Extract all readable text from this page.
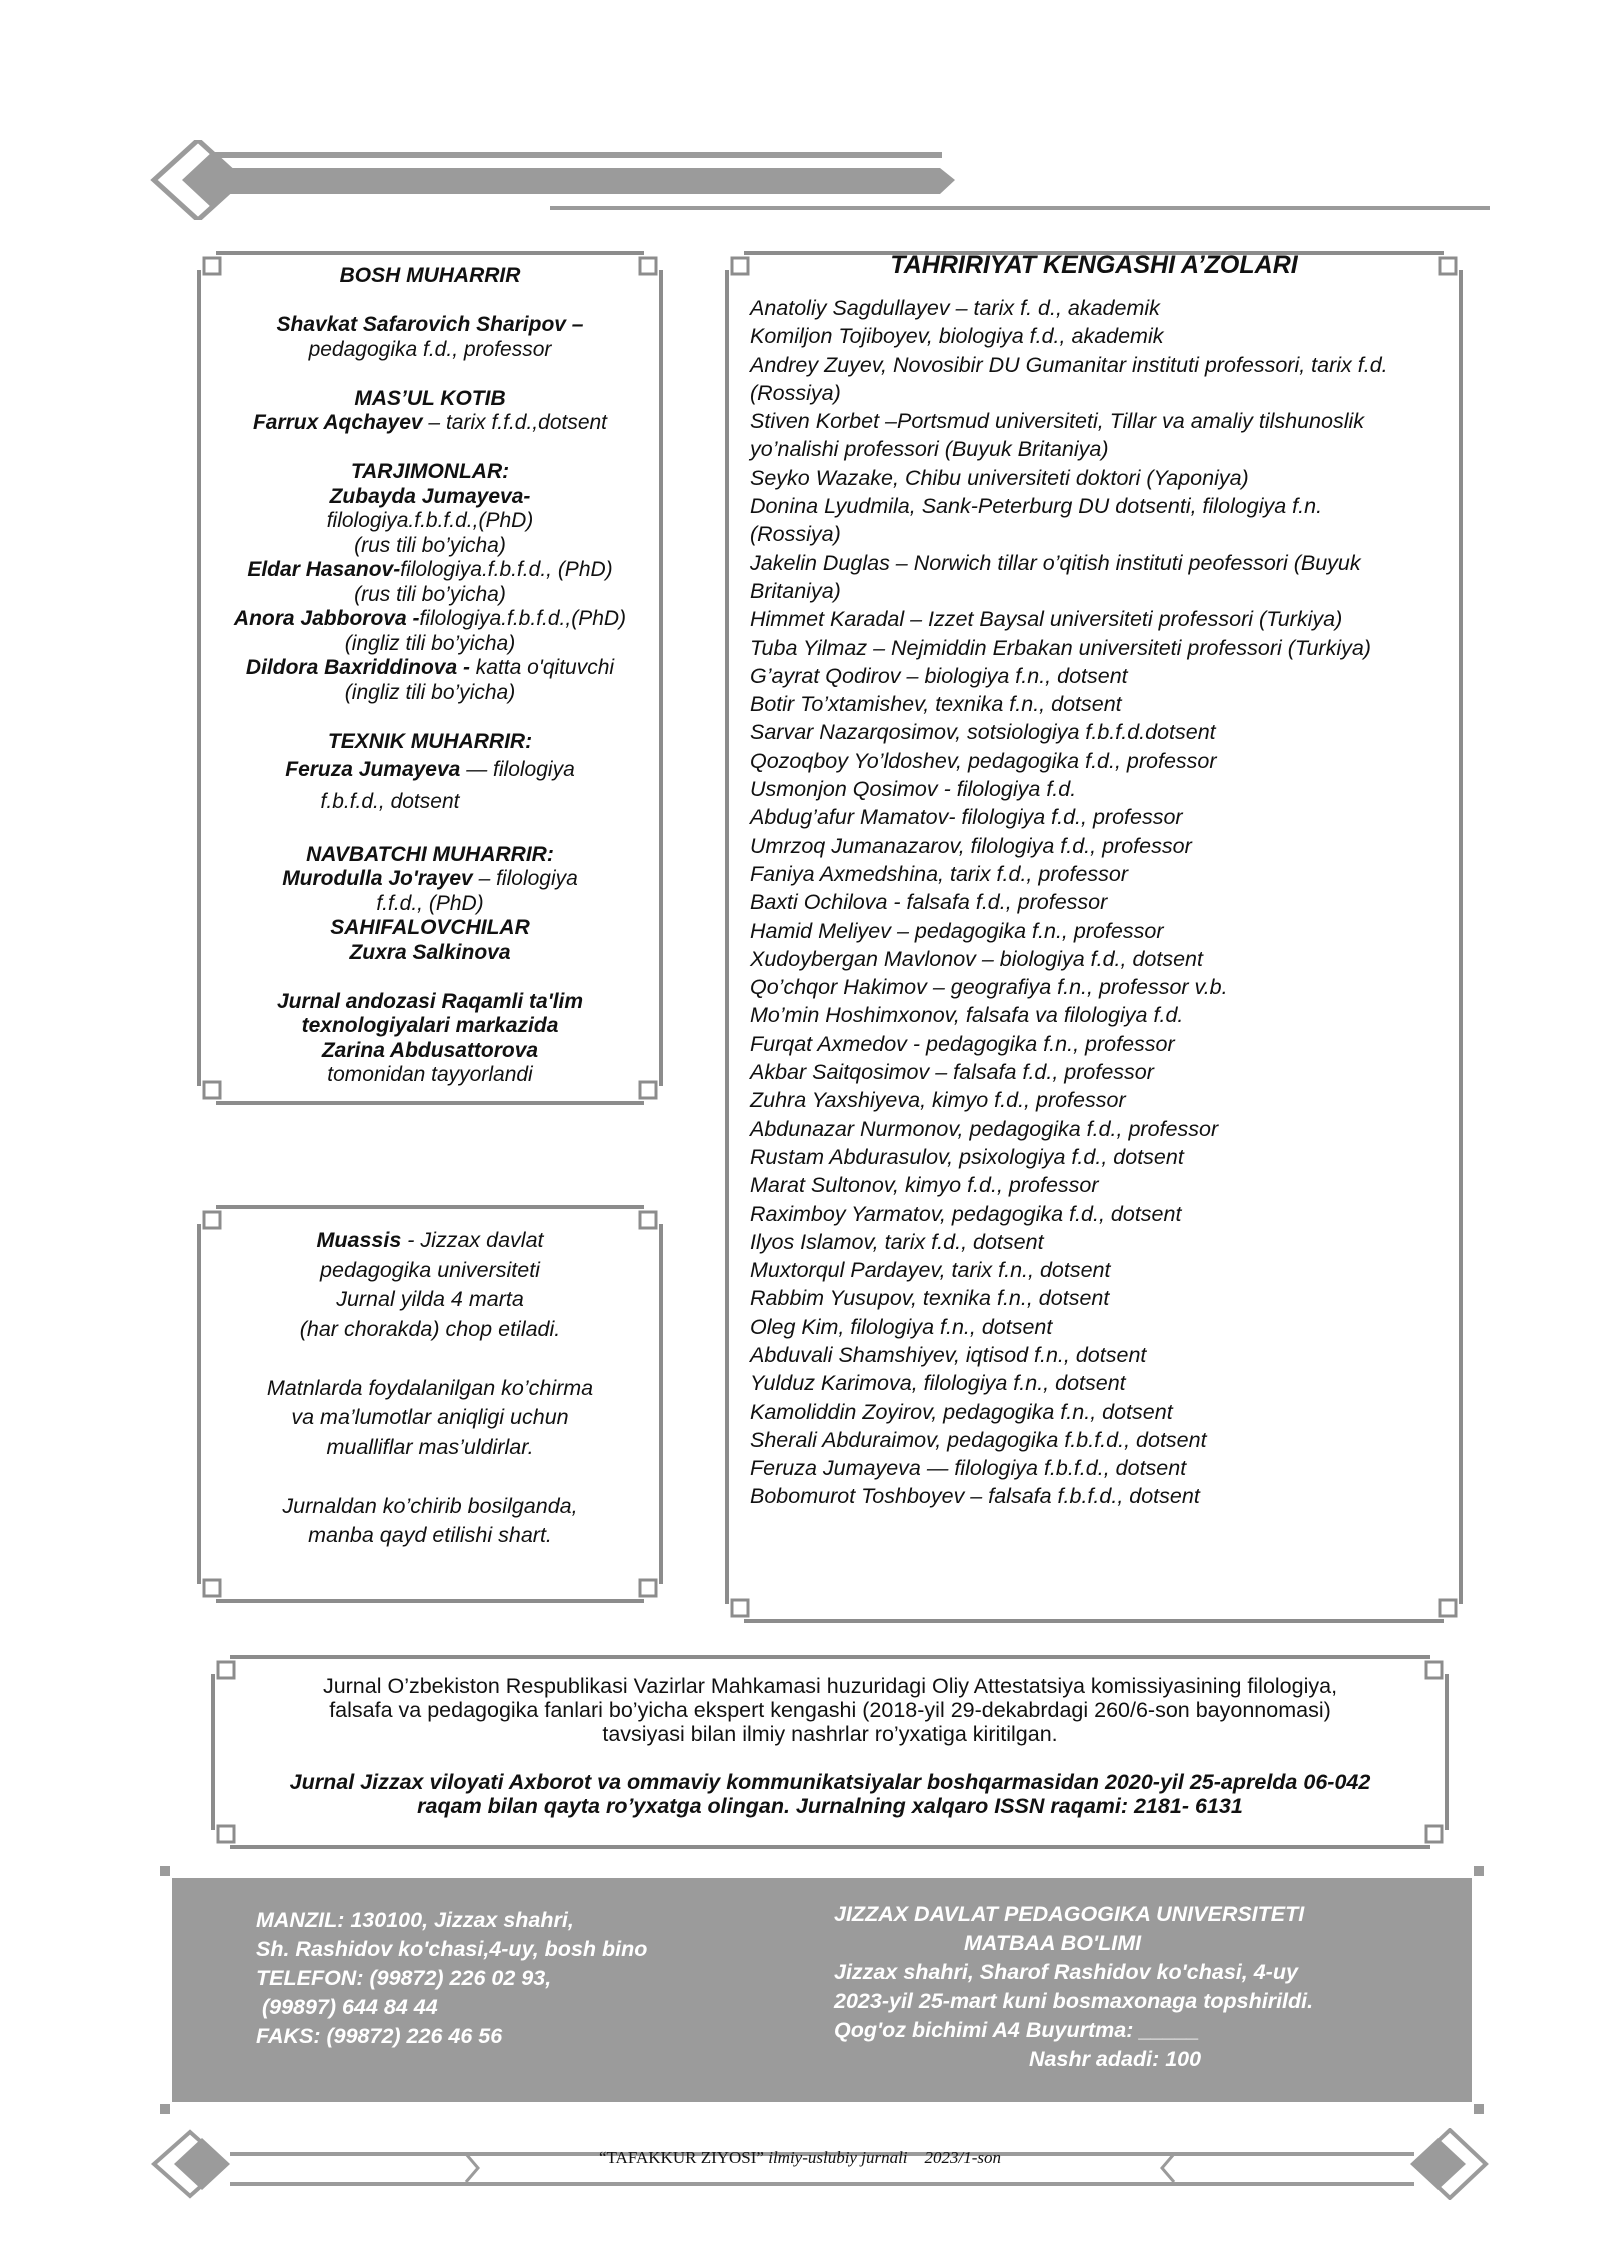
BOSH MUHARRIR

Shavkat Safarovich Sharipov –
pedagogika f.d., professor

MAS’UL KOTIB
Farrux Aqchayev – tarix f.f.d.,dotsent

TARJIMONLAR:
Zubayda Jumayeva-
filologiya.f.b.f.d.,(PhD)
(rus tili bo’yicha)
Eldar Hasanov-filologiya.f.b.f.d., (PhD)
(rus tili bo’yicha)
Anora Jabborova -filologiya.f.b.f.d.,(PhD)
(ingliz tili bo’yicha)
Dildora Baxriddinova - katta o'qituvchi
(ingliz tili bo’yicha)

TEXNIK MUHARRIR:
Feruza Jumayeva — filologiya
f.b.f.d., dotsent

NAVBATCHI MUHARRIR:
Murodulla Jo'rayev – filologiya
f.f.d., (PhD)
SAHIFALOVCHILAR
Zuxra Salkinova

Jurnal andozasi Raqamli ta'lim
texnologiyalari markazida
Zarina Abdusattorova
tomonidan tayyorlandi
TAHRIRIYAT KENGASHI A’ZOLARI
Anatoliy Sagdullayev – tarix f. d., akademik
Komiljon Tojiboyev, biologiya f.d., akademik
Andrey Zuyev, Novosibir DU Gumanitar instituti professori, tarix f.d.
(Rossiya)
Stiven Korbet –Portsmud universiteti, Tillar va amaliy tilshunoslik
yo’nalishi professori (Buyuk Britaniya)
Seyko Wazake, Chibu universiteti doktori (Yaponiya)
Donina Lyudmila, Sank-Peterburg DU dotsenti, filologiya f.n.
(Rossiya)
Jakelin Duglas – Norwich tillar o’qitish instituti peofessori (Buyuk
Britaniya)
Himmet Karadal – Izzet Baysal universiteti professori (Turkiya)
Tuba Yilmaz – Nejmiddin Erbakan universiteti professori (Turkiya)
G’ayrat Qodirov – biologiya f.n., dotsent
Botir To’xtamishev, texnika f.n., dotsent
Sarvar Nazarqosimov, sotsiologiya f.b.f.d.dotsent
Qozoqboy Yo’ldoshev, pedagogika f.d., professor
Usmonjon Qosimov - filologiya f.d.
Abdug’afur Mamatov- filologiya f.d., professor
Umrzoq Jumanazarov, filologiya f.d., professor
Faniya Axmedshina, tarix f.d., professor
Baxti Ochilova - falsafa f.d., professor
Hamid Meliyev – pedagogika f.n., professor
Xudoybergan Mavlonov – biologiya f.d., dotsent
Qo’chqor Hakimov – geografiya f.n., professor v.b.
Mo’min Hoshimxonov, falsafa va filologiya f.d.
Furqat Axmedov - pedagogika f.n., professor
Akbar Saitqosimov – falsafa f.d., professor
Zuhra Yaxshiyeva, kimyo f.d., professor
Abdunazar Nurmonov, pedagogika f.d., professor
Rustam Abdurasulov, psixologiya f.d., dotsent
Marat Sultonov, kimyo f.d., professor
Raximboy Yarmatov, pedagogika f.d., dotsent
Ilyos Islamov, tarix f.d., dotsent
Muxtorqul Pardayev, tarix f.n., dotsent
Rabbim Yusupov, texnika f.n., dotsent
Oleg Kim, filologiya f.n., dotsent
Abduvali Shamshiyev, iqtisod f.n., dotsent
Yulduz Karimova, filologiya f.n., dotsent
Kamoliddin Zoyirov, pedagogika f.n., dotsent
Sherali Abduraimov, pedagogika f.b.f.d., dotsent
Feruza Jumayeva — filologiya f.b.f.d., dotsent
Bobomurot Toshboyev – falsafa f.b.f.d., dotsent
Muassis - Jizzax davlat
pedagogika universiteti
Jurnal yilda 4 marta
(har chorakda) chop etiladi.

Matnlarda foydalanilgan ko’chirma
va ma’lumotlar aniqligi uchun
mualliflar mas’uldirlar.

Jurnaldan ko’chirib bosilganda,
manba qayd etilishi shart.
Jurnal O’zbekiston Respublikasi Vazirlar Mahkamasi huzuridagi Oliy Attestatsiya komissiyasining filologiya,
falsafa va pedagogika fanlari bo’yicha ekspert kengashi (2018-yil 29-dekabrdagi 260/6-son bayonnomasi)
tavsiyasi bilan ilmiy nashrlar ro’yxatiga kiritilgan.

Jurnal Jizzax viloyati Axborot va ommaviy kommunikatsiyalar boshqarmasidan 2020-yil 25-aprelda 06-042
raqam bilan qayta ro’yxatga olingan. Jurnalning xalqaro ISSN raqami: 2181- 6131
MANZIL: 130100, Jizzax shahri,
Sh. Rashidov ko'chasi,4-uy, bosh bino
TELEFON: (99872) 226 02 93,
(99897) 644 84 44
FAKS: (99872) 226 46 56
JIZZAX DAVLAT PEDAGOGIKA UNIVERSITETI
MATBAA BO'LIMI
Jizzax shahri, Sharof Rashidov ko'chasi, 4-uy
2023-yil 25-mart kuni bosmaxonaga topshirildi.
Qog'oz bichimi A4 Buyurtma: _____
Nashr adadi: 100
“TAFAKKUR ZIYOSI” ilmiy-uslubiy jurnali 2023/1-son
